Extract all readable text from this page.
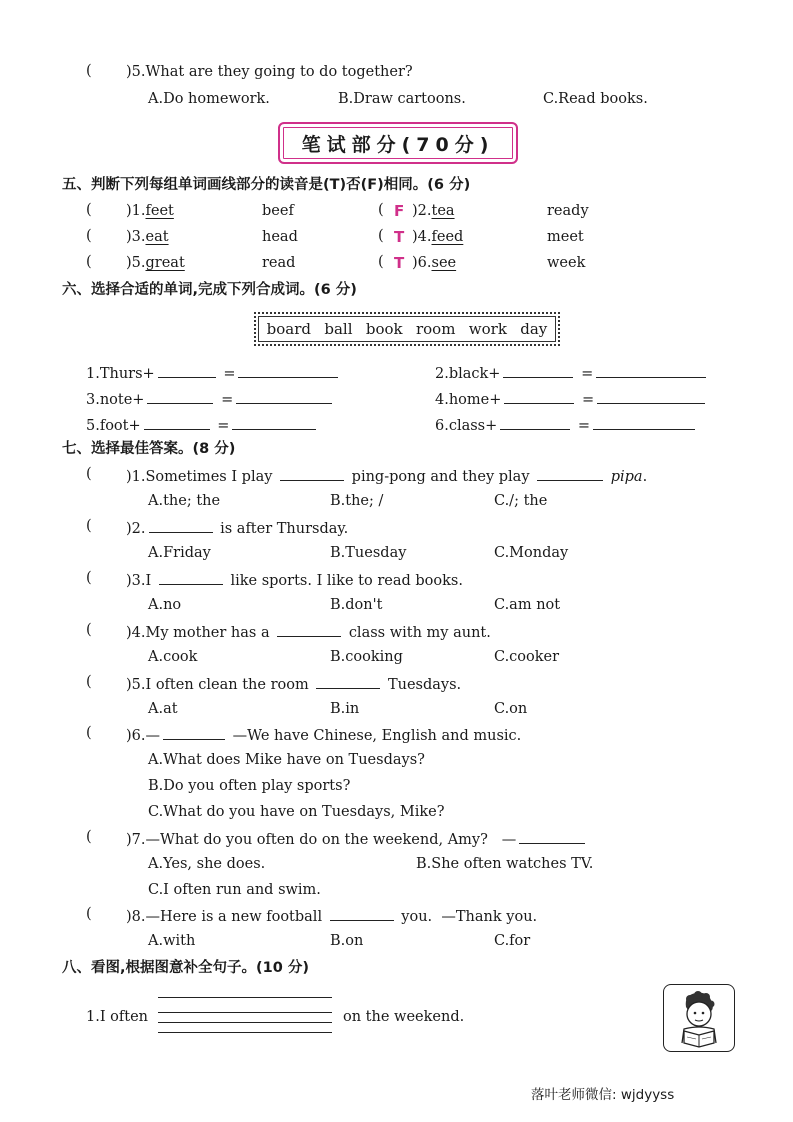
( )5.What are they going to do together?
A.Do homework.	B.Draw cartoons.	C.Read books.
笔试部分(70分)
五、判断下列每组单词画线部分的读音是(T)否(F)相同。(6 分)
( )1.feet	beef	( F )2.tea	ready
( )3.eat	head	( T )4.feed	meet
( )5.great	read	( T )6.see	week
六、选择合适的单词,完成下列合成词。(6 分)
board ball book room work day
1.Thurs+	=	2.black+	=
3.note+	=	4.home+	=
5.foot+	=	6.class+	=
七、选择最佳答案。(8 分)
( )1.Sometimes I play	ping-pong and they play	pipa.
A.the; the	B.the; /	C./; the
( )2.	is after Thursday.
A.Friday	B.Tuesday	C.Monday
( )3.I	like sports. I like to read books.
A.no	B.don't	C.am not
( )4.My mother has a	class with my aunt.
A.cook	B.cooking	C.cooker
( )5.I often clean the room	Tuesdays.
A.at	B.in	C.on
( )6.—	—We have Chinese, English and music.
A.What does Mike have on Tuesdays?
B.Do you often play sports?
C.What do you have on Tuesdays, Mike?
( )7.—What do you often do on the weekend, Amy? —
A.Yes, she does.	B.She often watches TV.
C.I often run and swim.
( )8.—Here is a new football	you. —Thank you.
A.with	B.on	C.for
八、看图,根据图意补全句子。(10 分)
1.I often	on the weekend.
落叶老师微信: wjdyyss
